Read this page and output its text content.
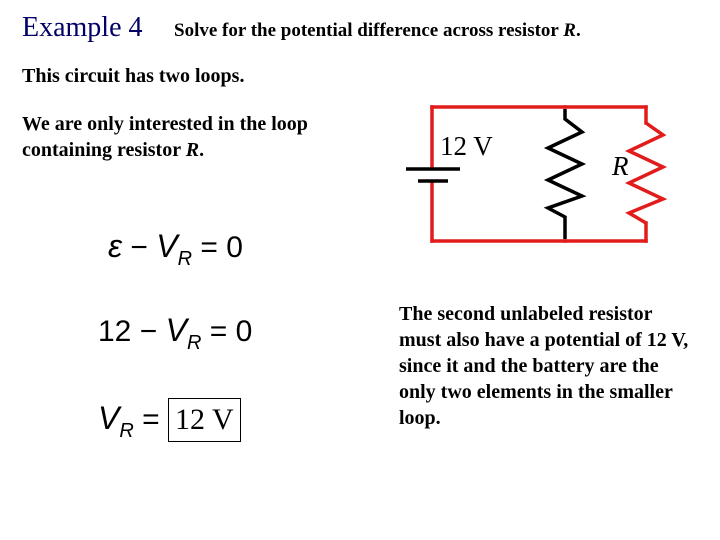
Example 4 Solve for the potential difference across resistor R.
This circuit has two loops.
We are only interested in the loop containing resistor R.	12 V
R
$\varepsilon - V_R = 0$
$12 - V_R = 0$
$V_R = 12$ V
The second unlabeled resistor must also have a potential of 12 V, since it and the battery are the only two elements in the smaller loop.
